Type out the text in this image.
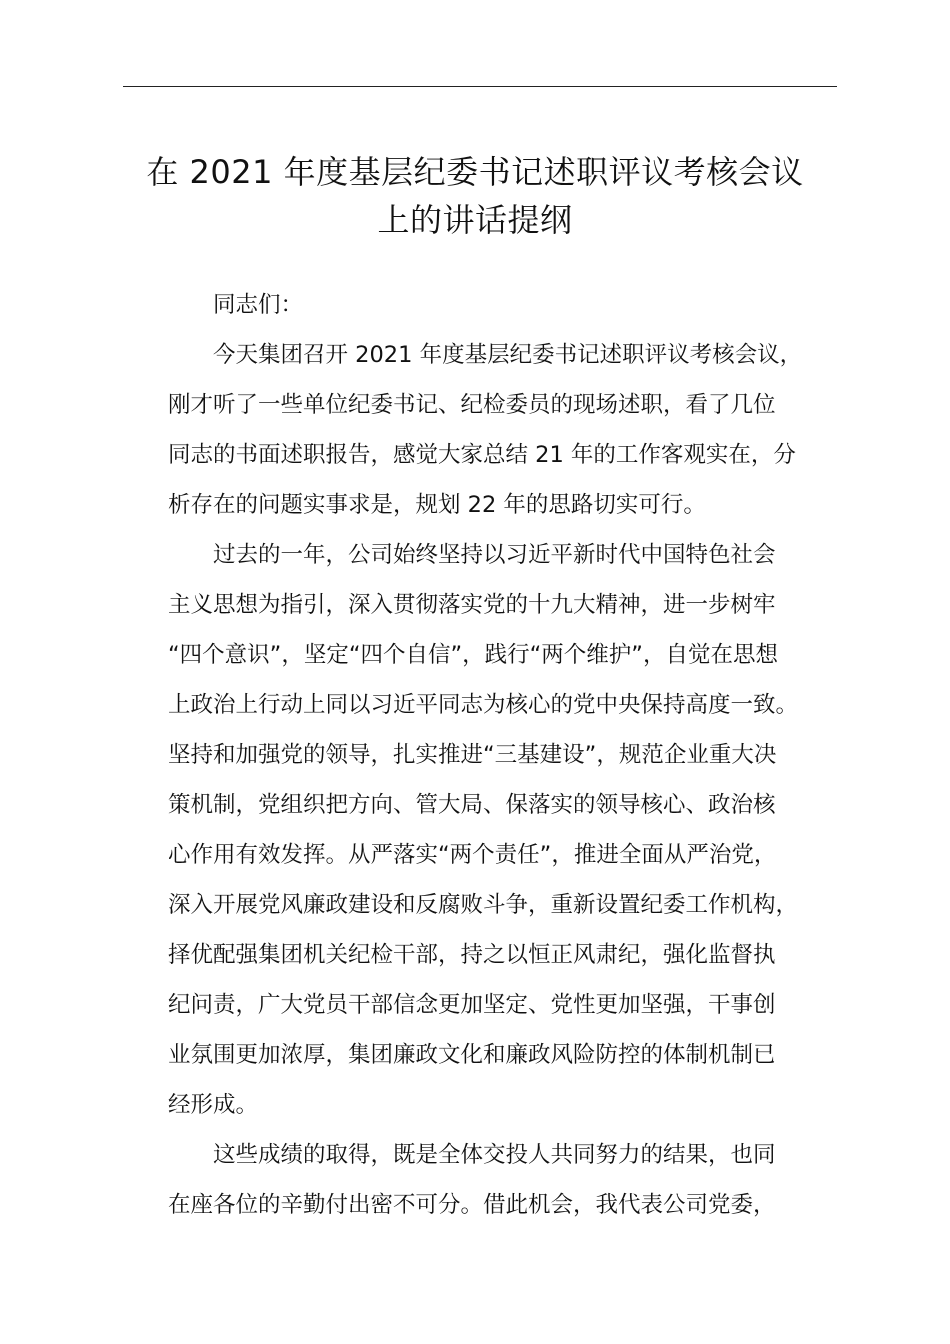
在 2021 年度基层纪委书记述职评议考核会议
上的讲话提纲
同志们：
今天集团召开 2021 年度基层纪委书记述职评议考核会议，
刚才听了一些单位纪委书记、纪检委员的现场述职，看了几位
同志的书面述职报告，感觉大家总结 21 年的工作客观实在，分
析存在的问题实事求是，规划 22 年的思路切实可行。
过去的一年，公司始终坚持以习近平新时代中国特色社会
主义思想为指引，深入贯彻落实党的十九大精神，进一步树牢
“四个意识”，坚定“四个自信”，践行“两个维护”，自觉在思想
上政治上行动上同以习近平同志为核心的党中央保持高度一致。
坚持和加强党的领导，扎实推进“三基建设”，规范企业重大决
策机制，党组织把方向、管大局、保落实的领导核心、政治核
心作用有效发挥。从严落实“两个责任”，推进全面从严治党，
深入开展党风廉政建设和反腐败斗争，重新设置纪委工作机构，
择优配强集团机关纪检干部，持之以恒正风肃纪，强化监督执
纪问责，广大党员干部信念更加坚定、党性更加坚强，干事创
业氛围更加浓厚，集团廉政文化和廉政风险防控的体制机制已
经形成。
这些成绩的取得，既是全体交投人共同努力的结果，也同
在座各位的辛勤付出密不可分。借此机会，我代表公司党委，
